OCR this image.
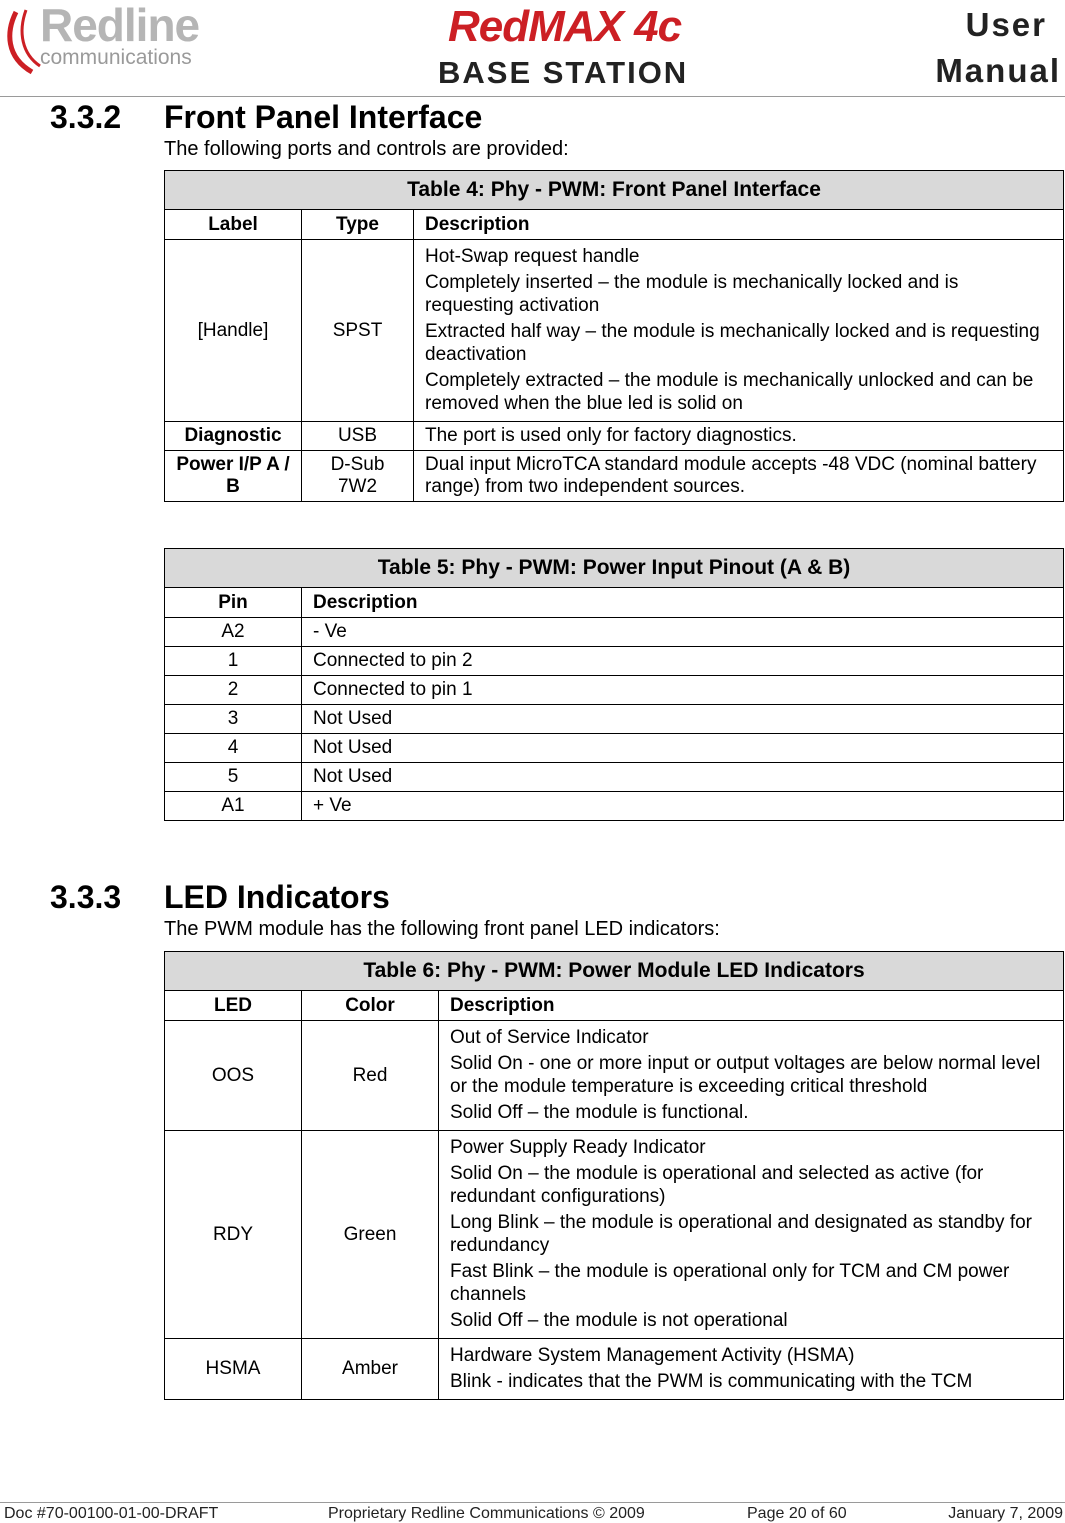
Redline
communications
RedMAX 4c
BASE STATION
User
Manual
3.3.2 Front Panel Interface

The following ports and controls are provided:

Table 4: Phy - PWM: Front Panel Interface		
Label	Type	Description
[Handle]	SPST	Hot-Swap request handle
Completely inserted – the module is mechanically locked and is requesting activation
Extracted half way – the module is mechanically locked and is requesting deactivation
Completely extracted – the module is mechanically unlocked and can be removed when the blue led is solid on

Diagnostic	USB	The port is used only for factory diagnostics.
Power I/P A / B	D-Sub 7W2	Dual input MicroTCA standard module accepts -48 VDC (nominal battery range) from two independent sources.
Table 5: Phy - PWM: Power Input Pinout (A & B)	
Pin	Description
A2	- Ve
1	Connected to pin 2
2	Connected to pin 1
3	Not Used
4	Not Used
5	Not Used
A1	+ Ve
3.3.3 LED Indicators

The PWM module has the following front panel LED indicators:

Table 6: Phy - PWM: Power Module LED Indicators		
LED	Color	Description
OOS	Red	Out of Service Indicator
Solid On - one or more input or output voltages are below normal level or the module temperature is exceeding critical threshold
Solid Off – the module is functional.

RDY	Green	Power Supply Ready Indicator
Solid On – the module is operational and selected as active (for redundant configurations)
Long Blink – the module is operational and designated as standby for redundancy
Fast Blink – the module is operational only for TCM and CM power channels
Solid Off – the module is not operational

HSMA	Amber	Hardware System Management Activity (HSMA)
Blink - indicates that the PWM is communicating with the TCM
Doc #70-00100-01-00-DRAFT	Proprietary Redline Communications © 2009	Page 20 of 60	January 7, 2009
